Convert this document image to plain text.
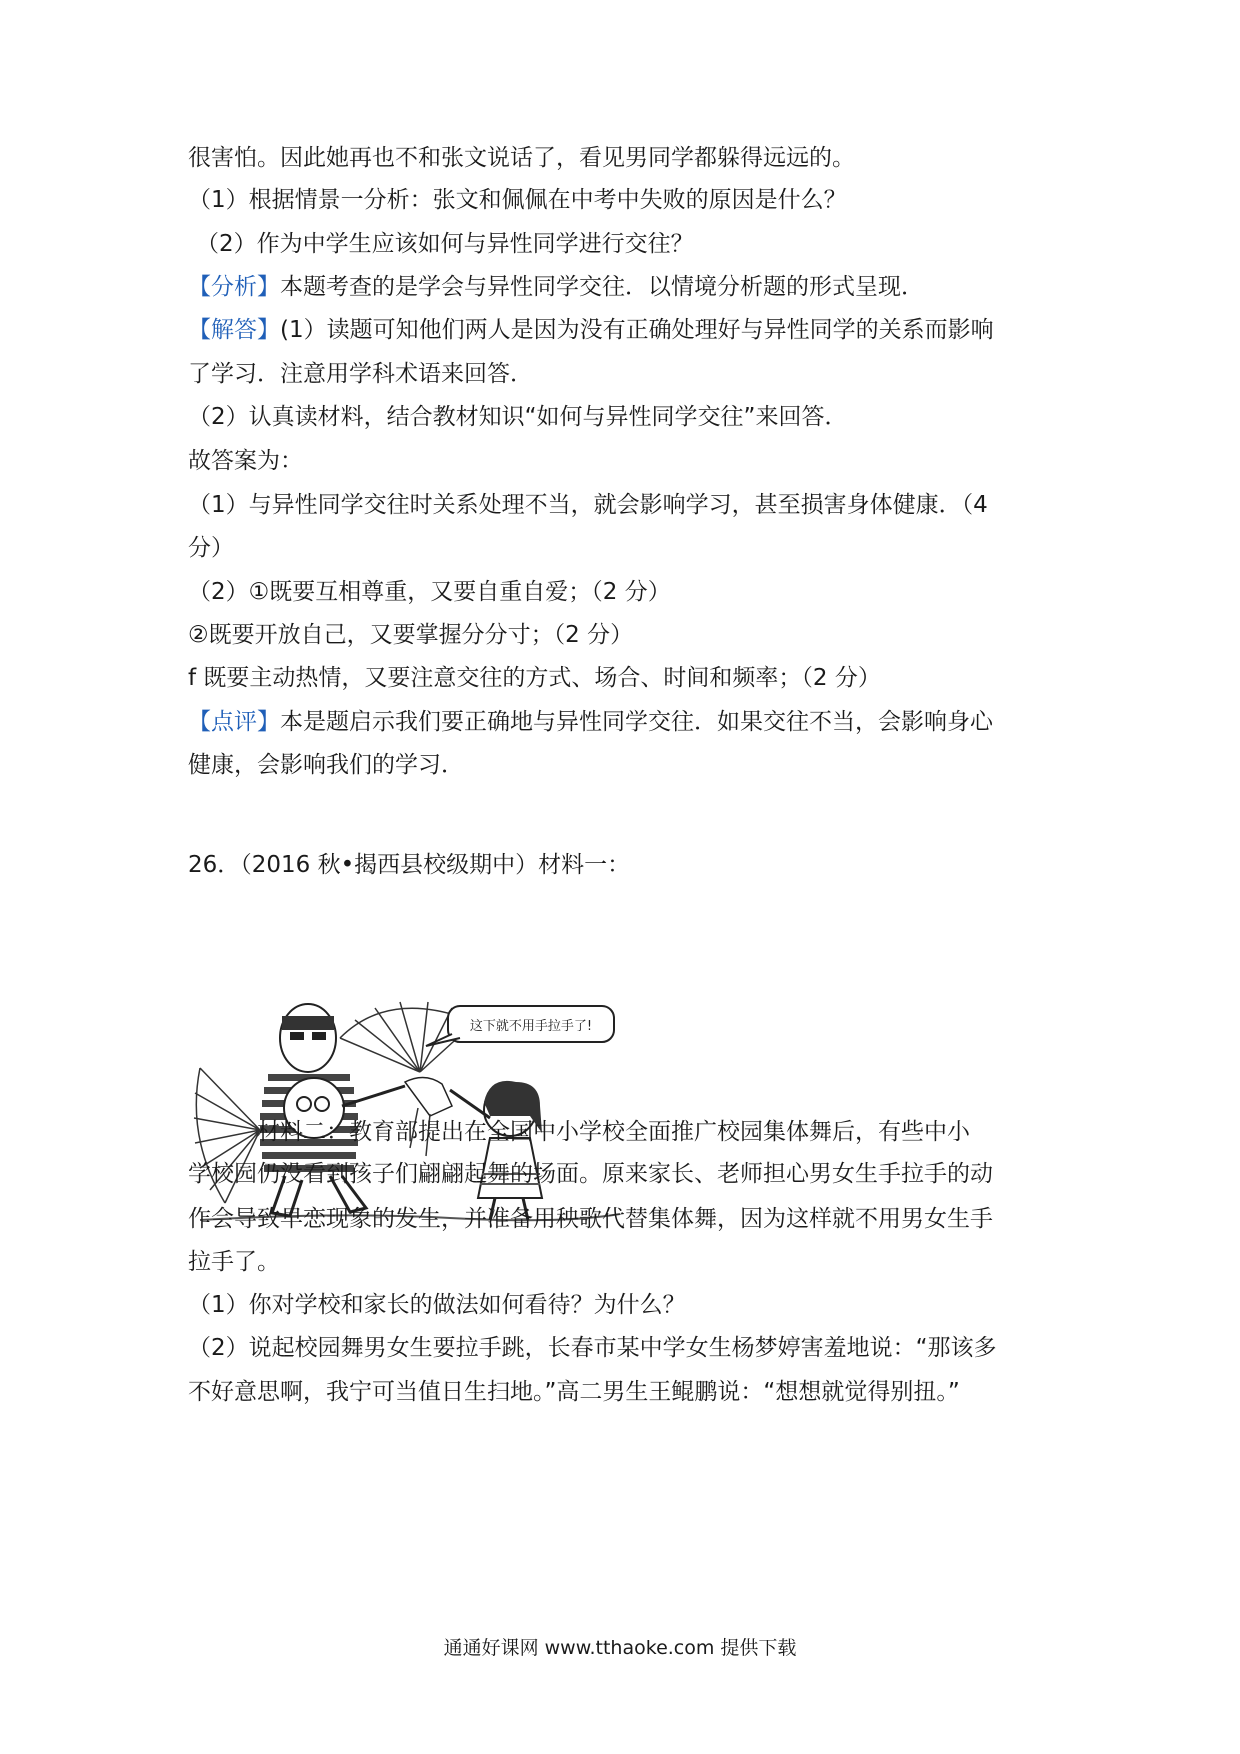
很害怕。因此她再也不和张文说话了，看见男同学都躲得远远的。
（1）根据情景一分析：张文和佩佩在中考中失败的原因是什么？
（2）作为中学生应该如何与异性同学进行交往？
【分析】本题考查的是学会与异性同学交往．以情境分析题的形式呈现．
【解答】(1）读题可知他们两人是因为没有正确处理好与异性同学的关系而影响
了学习．注意用学科术语来回答．
（2）认真读材料，结合教材知识“如何与异性同学交往”来回答．
故答案为：
（1）与异性同学交往时关系处理不当，就会影响学习，甚至损害身体健康．（4
分）
（2）①既要互相尊重，又要自重自爱；（2 分）
②既要开放自己，又要掌握分分寸；（2 分）
f 既要主动热情，又要注意交往的方式、场合、时间和频率；（2 分）
【点评】本是题启示我们要正确地与异性同学交往．如果交往不当，会影响身心
健康，会影响我们的学习．
26．（2016 秋•揭西县校级期中）材料一：
这下就不用手拉手了!
　　　材料二：教育部提出在全国中小学校全面推广校园集体舞后，有些中小
学校园仍没看到孩子们翩翩起舞的场面。原来家长、老师担心男女生手拉手的动
作会导致早恋现象的发生，并准备用秧歌代替集体舞，因为这样就不用男女生手
拉手了。
（1）你对学校和家长的做法如何看待？为什么？
（2）说起校园舞男女生要拉手跳，长春市某中学女生杨梦婷害羞地说：“那该多
不好意思啊，我宁可当值日生扫地。”高二男生王鲲鹏说：“想想就觉得别扭。”
通通好课网 www.tthaoke.com 提供下载
